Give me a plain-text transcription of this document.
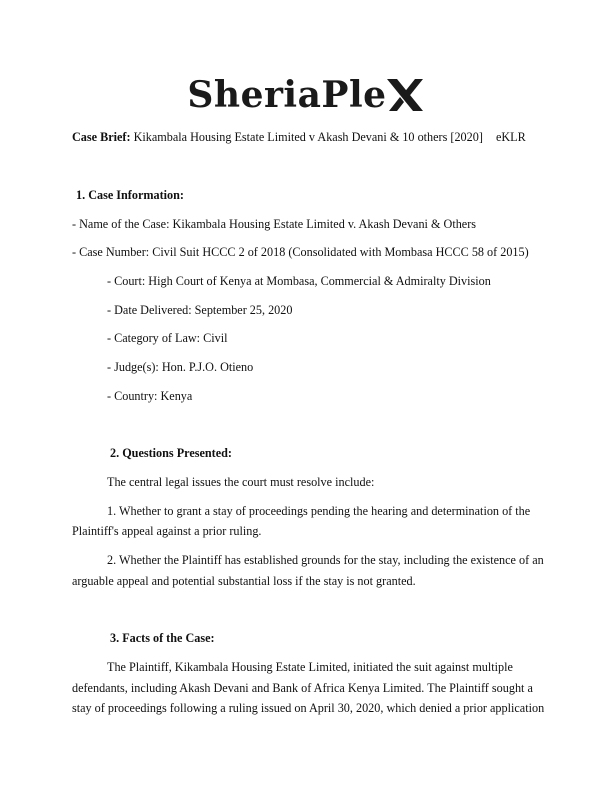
SheriaPle
Case Brief: Kikambala Housing Estate Limited v Akash Devani & 10 others [2020] eKLR
1. Case Information:
- Name of the Case: Kikambala Housing Estate Limited v. Akash Devani & Others
- Case Number: Civil Suit HCCC 2 of 2018 (Consolidated with Mombasa HCCC 58 of 2015)
- Court: High Court of Kenya at Mombasa, Commercial & Admiralty Division
- Date Delivered: September 25, 2020
- Category of Law: Civil
- Judge(s): Hon. P.J.O. Otieno
- Country: Kenya
2. Questions Presented:
The central legal issues the court must resolve include:
1. Whether to grant a stay of proceedings pending the hearing and determination of the
Plaintiff's appeal against a prior ruling.
2. Whether the Plaintiff has established grounds for the stay, including the existence of an
arguable appeal and potential substantial loss if the stay is not granted.
3. Facts of the Case:
The Plaintiff, Kikambala Housing Estate Limited, initiated the suit against multiple
defendants, including Akash Devani and Bank of Africa Kenya Limited. The Plaintiff sought a
stay of proceedings following a ruling issued on April 30, 2020, which denied a prior application
